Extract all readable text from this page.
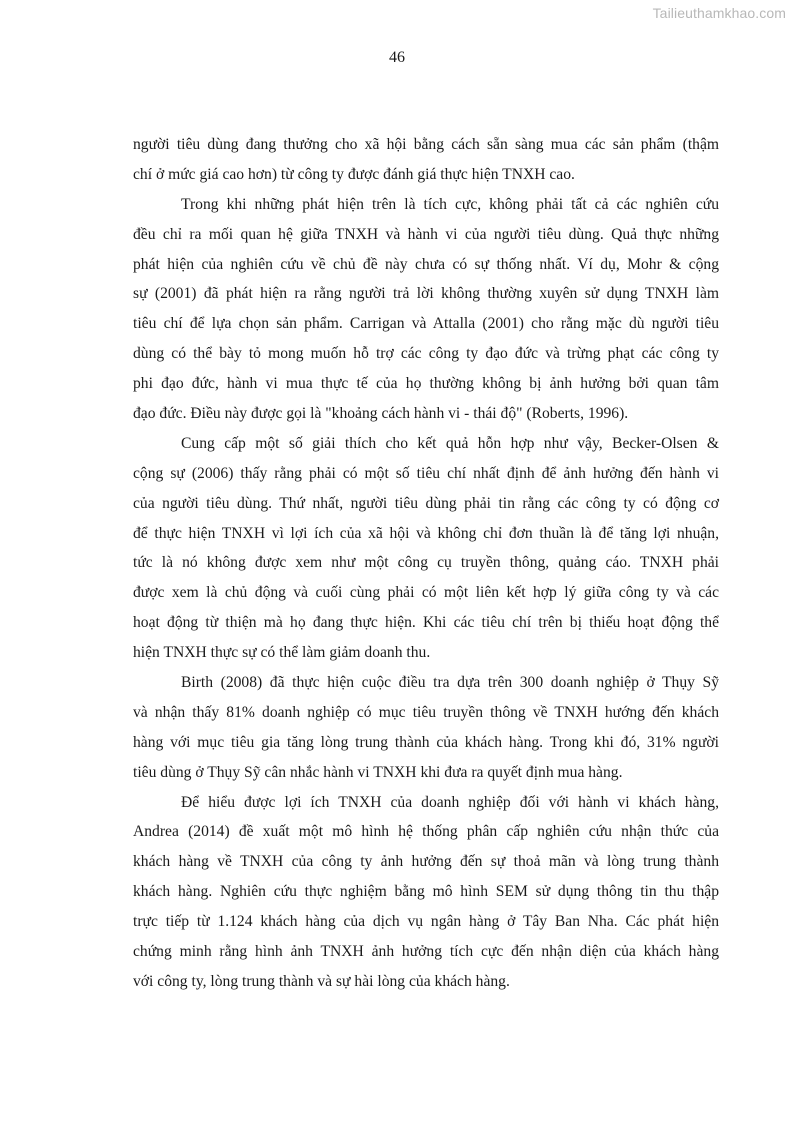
Tailieuthamkhao.com
46
người tiêu dùng đang thưởng cho xã hội bằng cách sẵn sàng mua các sản phẩm (thậm
chí ở mức giá cao hơn) từ công ty được đánh giá thực hiện TNXH cao.
Trong khi những phát hiện trên là tích cực, không phải tất cả các nghiên cứu
đều chỉ ra mối quan hệ giữa TNXH và hành vi của người tiêu dùng. Quả thực những
phát hiện của nghiên cứu về chủ đề này chưa có sự thống nhất. Ví dụ, Mohr & cộng
sự (2001) đã phát hiện ra rằng người trả lời không thường xuyên sử dụng TNXH làm
tiêu chí để lựa chọn sản phẩm. Carrigan và Attalla (2001) cho rằng mặc dù người tiêu
dùng có thể bày tỏ mong muốn hỗ trợ các công ty đạo đức và trừng phạt các công ty
phi đạo đức, hành vi mua thực tế của họ thường không bị ảnh hưởng bởi quan tâm
đạo đức. Điều này được gọi là "khoảng cách hành vi - thái độ" (Roberts, 1996).
Cung cấp một số giải thích cho kết quả hỗn hợp như vậy, Becker-Olsen &
cộng sự (2006) thấy rằng phải có một số tiêu chí nhất định để ảnh hưởng đến hành vi
của người tiêu dùng. Thứ nhất, người tiêu dùng phải tin rằng các công ty có động cơ
để thực hiện TNXH vì lợi ích của xã hội và không chỉ đơn thuần là để tăng lợi nhuận,
tức là nó không được xem như một công cụ truyền thông, quảng cáo. TNXH phải
được xem là chủ động và cuối cùng phải có một liên kết hợp lý giữa công ty và các
hoạt động từ thiện mà họ đang thực hiện. Khi các tiêu chí trên bị thiếu hoạt động thể
hiện TNXH thực sự có thể làm giảm doanh thu.
Birth (2008) đã thực hiện cuộc điều tra dựa trên 300 doanh nghiệp ở Thụy Sỹ
và nhận thấy 81% doanh nghiệp có mục tiêu truyền thông về TNXH hướng đến khách
hàng với mục tiêu gia tăng lòng trung thành của khách hàng. Trong khi đó, 31% người
tiêu dùng ở Thụy Sỹ cân nhắc hành vi TNXH khi đưa ra quyết định mua hàng.
Để hiểu được lợi ích TNXH của doanh nghiệp đối với hành vi khách hàng,
Andrea (2014) đề xuất một mô hình hệ thống phân cấp nghiên cứu nhận thức của
khách hàng về TNXH của công ty ảnh hưởng đến sự thoả mãn và lòng trung thành
khách hàng. Nghiên cứu thực nghiệm bằng mô hình SEM sử dụng thông tin thu thập
trực tiếp từ 1.124 khách hàng của dịch vụ ngân hàng ở Tây Ban Nha. Các phát hiện
chứng minh rằng hình ảnh TNXH ảnh hưởng tích cực đến nhận diện của khách hàng
với công ty, lòng trung thành và sự hài lòng của khách hàng.
